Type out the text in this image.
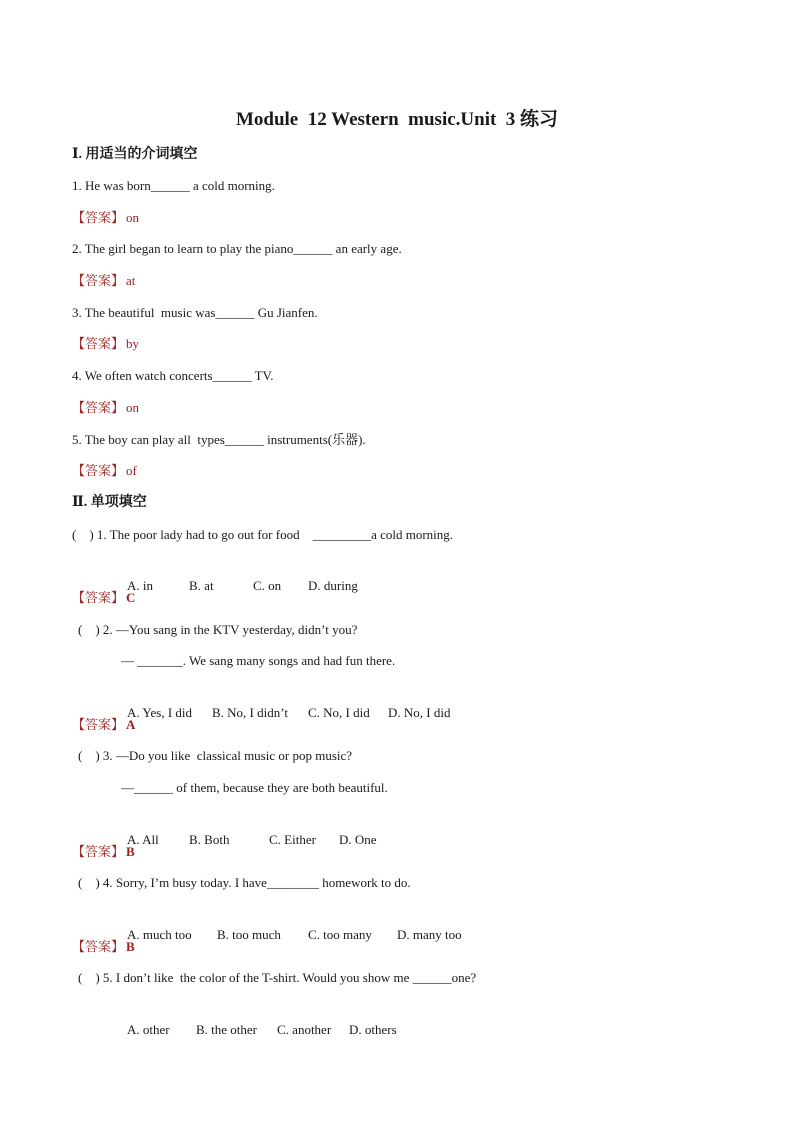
Module  12 Western  music.Unit  3 练习
Ⅰ. 用适当的介词填空
1. He was born______ a cold morning.
【答案】 on
2. The girl began to learn to play the piano______ an early age.
【答案】 at
3. The beautiful  music was______ Gu Jianfen.
【答案】 by
4. We often watch concerts______ TV.
【答案】 on
5. The boy can play all  types______ instruments(乐器).
【答案】 of
Ⅱ. 单项填空
(    ) 1. The poor lady had to go out for food    _________a cold morning.

A. in	B. at	C. on D. during

【答案】 C
(    ) 2. —You sang in the KTV yesterday, didn’t you?
— _______. We sang many songs and had fun there.

A. Yes, I did B. No, I didn’t C. No, I did D. No, I did

【答案】 A
(    ) 3. —Do you like  classical music or pop music?
—______ of them, because they are both beautiful.

A. All B. Both	C. Either D. One

【答案】 B
(    ) 4. Sorry, I’m busy today. I have________ homework to do.

A. much too B. too much C. too many D. many too

【答案】 B
(    ) 5. I don’t like  the color of the T-shirt. Would you show me ______one?

A. other B. the other C. another D. others
